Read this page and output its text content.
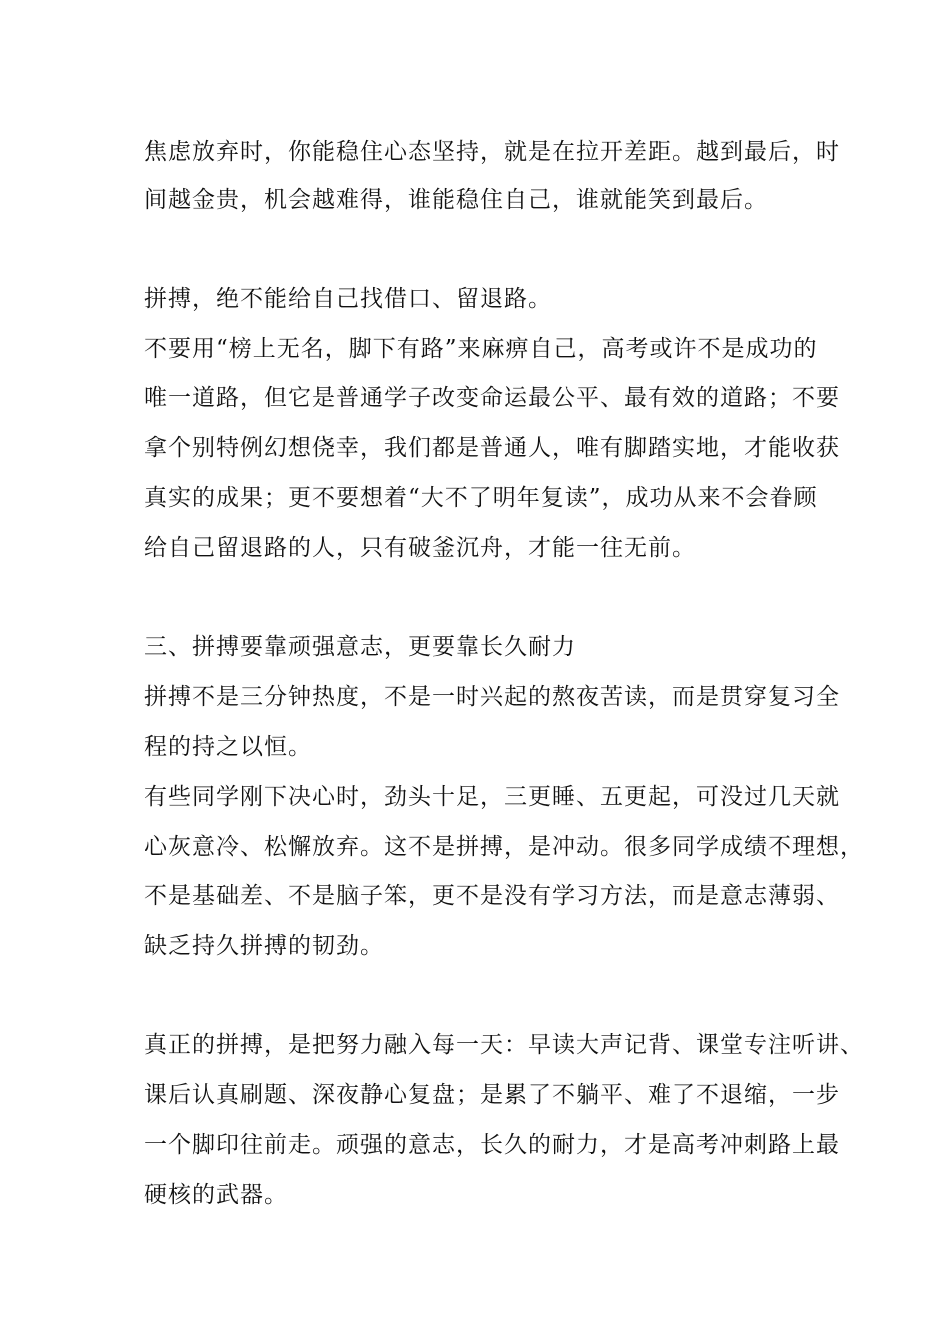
焦虑放弃时，你能稳住心态坚持，就是在拉开差距。越到最后，时
间越金贵，机会越难得，谁能稳住自己，谁就能笑到最后。
拼搏，绝不能给自己找借口、留退路。
不要用“榜上无名，脚下有路”来麻痹自己，高考或许不是成功的
唯一道路，但它是普通学子改变命运最公平、最有效的道路；不要
拿个别特例幻想侥幸，我们都是普通人，唯有脚踏实地，才能收获
真实的成果；更不要想着“大不了明年复读”，成功从来不会眷顾
给自己留退路的人，只有破釜沉舟，才能一往无前。
三、拼搏要靠顽强意志，更要靠长久耐力
拼搏不是三分钟热度，不是一时兴起的熬夜苦读，而是贯穿复习全
程的持之以恒。
有些同学刚下决心时，劲头十足，三更睡、五更起，可没过几天就
心灰意冷、松懈放弃。这不是拼搏，是冲动。很多同学成绩不理想，
不是基础差、不是脑子笨，更不是没有学习方法，而是意志薄弱、
缺乏持久拼搏的韧劲。
真正的拼搏，是把努力融入每一天：早读大声记背、课堂专注听讲、
课后认真刷题、深夜静心复盘；是累了不躺平、难了不退缩，一步
一个脚印往前走。顽强的意志，长久的耐力，才是高考冲刺路上最
硬核的武器。
